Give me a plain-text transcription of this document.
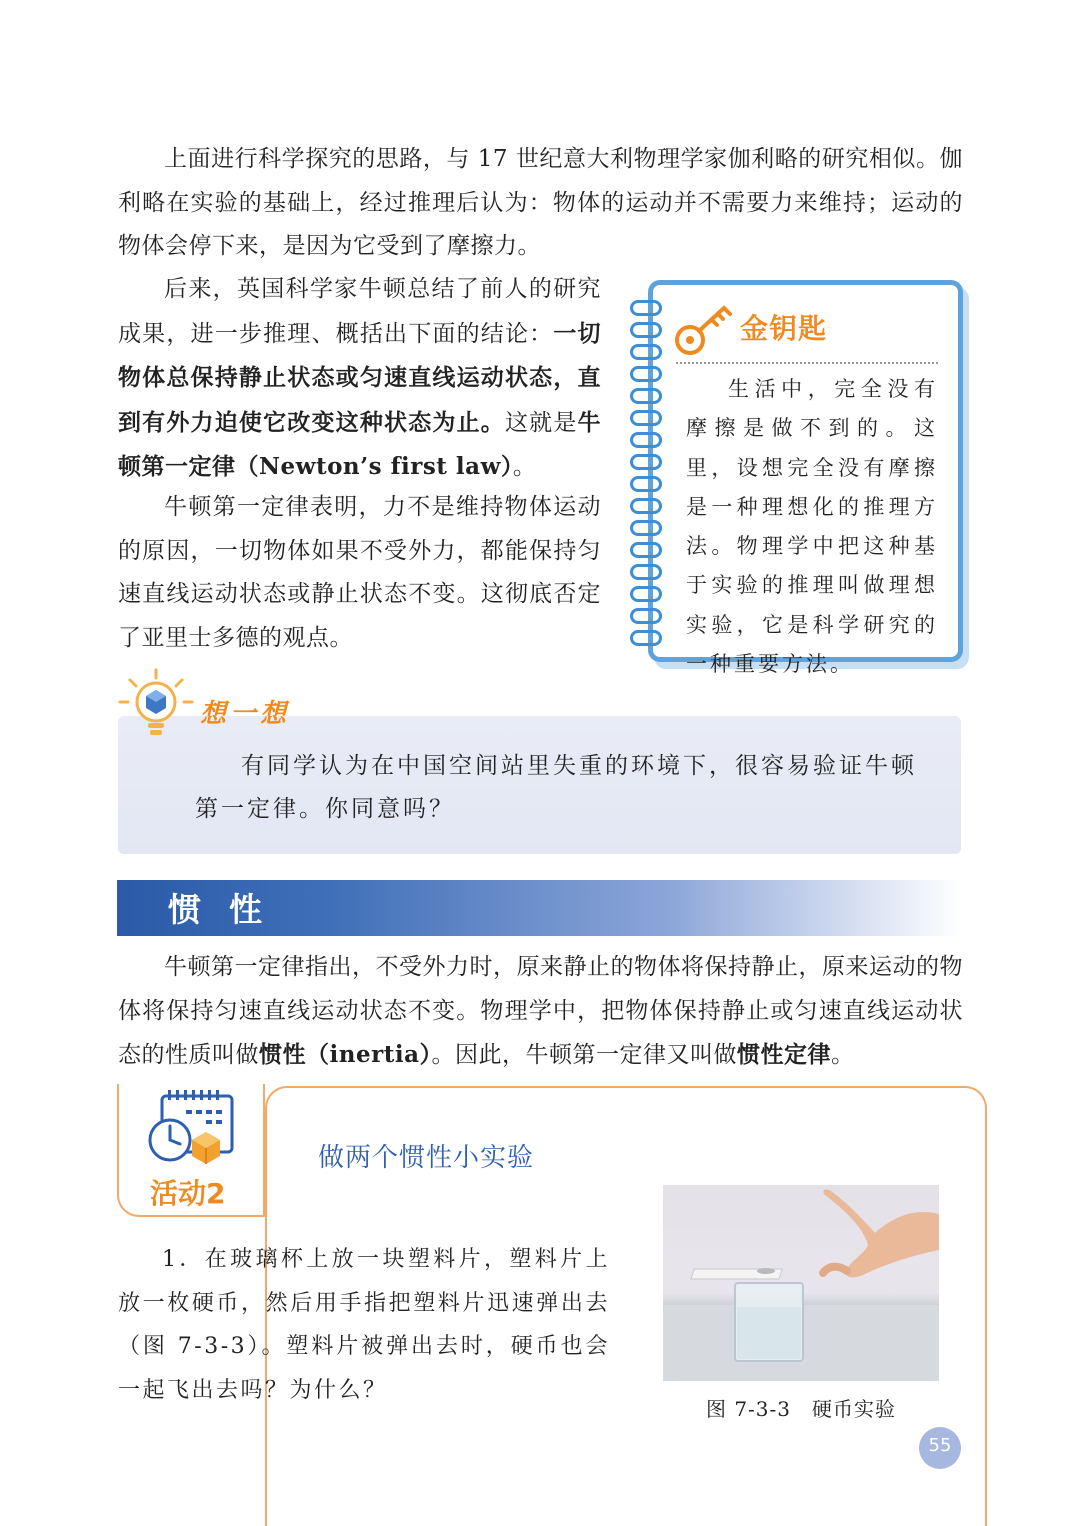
上面进行科学探究的思路，与 17 世纪意大利物理学家伽利略的研究相似。伽利略在实验的基础上，经过推理后认为：物体的运动并不需要力来维持；运动的物体会停下来，是因为它受到了摩擦力。

后来，英国科学家牛顿总结了前人的研究成果，进一步推理、概括出下面的结论：一切物体总保持静止状态或匀速直线运动状态，直到有外力迫使它改变这种状态为止。这就是牛顿第一定律（Newton’s first law）。

牛顿第一定律表明，力不是维持物体运动的原因，一切物体如果不受外力，都能保持匀速直线运动状态或静止状态不变。这彻底否定了亚里士多德的观点。

金钥匙

生活中，完全没有摩擦是做不到的。这里，设想完全没有摩擦是一种理想化的推理方法。物理学中把这种基于实验的推理叫做理想实验，它是科学研究的一种重要方法。

想一想

有同学认为在中国空间站里失重的环境下，很容易验证牛顿第一定律。你同意吗？

惯性

牛顿第一定律指出，不受外力时，原来静止的物体将保持静止，原来运动的物体将保持匀速直线运动状态不变。物理学中，把物体保持静止或匀速直线运动状态的性质叫做惯性（inertia）。因此，牛顿第一定律又叫做惯性定律。

活动2
做两个惯性小实验

1．在玻璃杯上放一块塑料片，塑料片上放一枚硬币，然后用手指把塑料片迅速弹出去（图 7-3-3）。塑料片被弹出去时，硬币也会一起飞出去吗？为什么？

图 7-3-3　硬币实验
55
